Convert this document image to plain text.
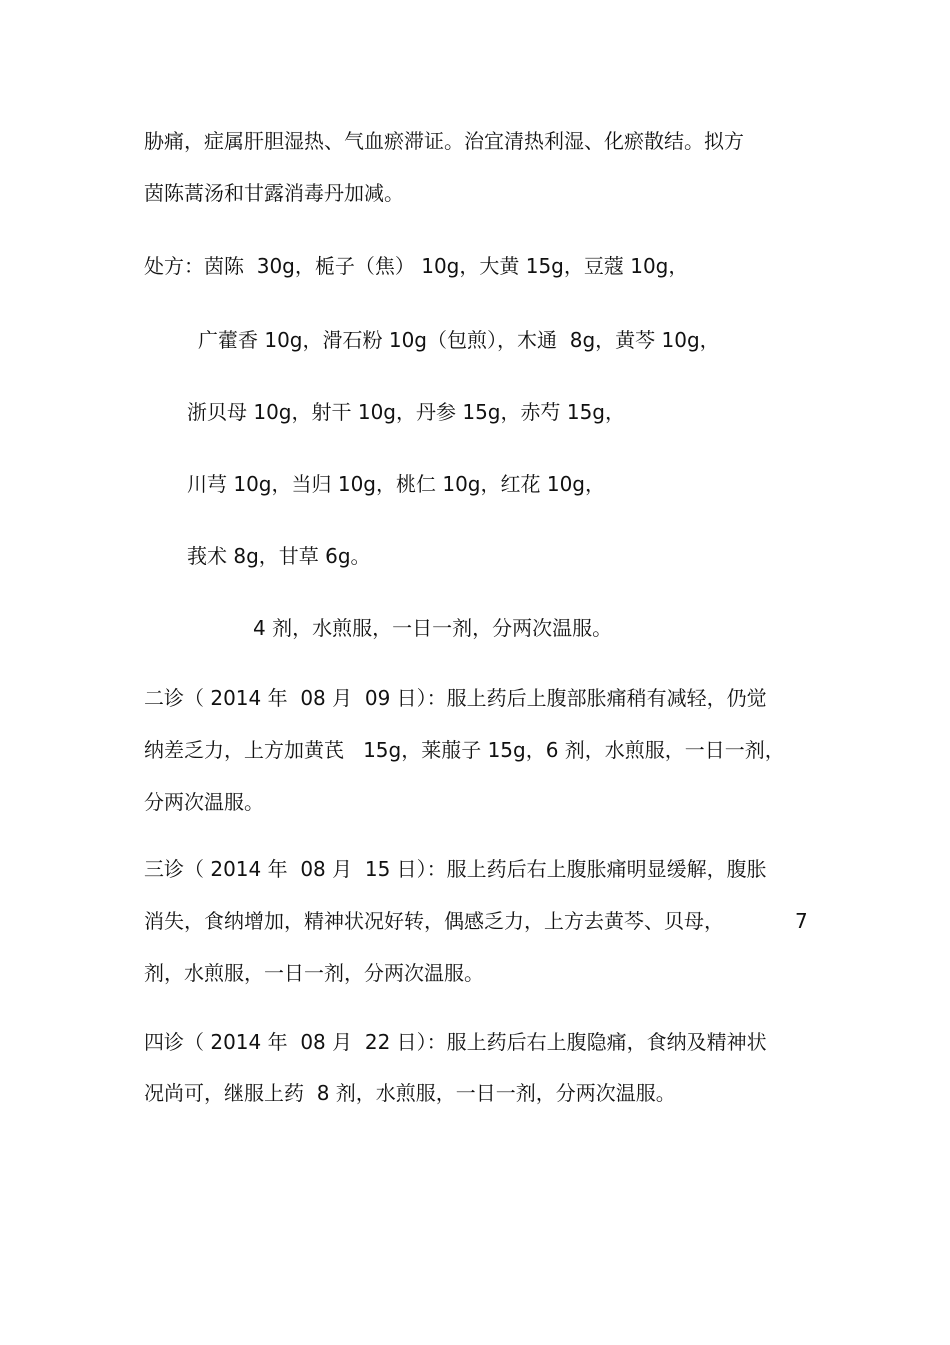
胁痛，症属肝胆湿热、气血瘀滞证。治宜清热利湿、化瘀散结。拟方
茵陈蒿汤和甘露消毒丹加减。
处方：茵陈  30g，栀子（焦） 10g，大黄 15g，豆蔻 10g，
广藿香 10g，滑石粉 10g（包煎），木通  8g，黄芩 10g，
浙贝母 10g，射干 10g，丹参 15g，赤芍 15g，
川芎 10g，当归 10g，桃仁 10g，红花 10g，
莪术 8g，甘草 6g。
4 剂，水煎服，一日一剂，分两次温服。
二诊（ 2014 年  08 月  09 日）：服上药后上腹部胀痛稍有减轻，仍觉
纳差乏力，上方加黄芪   15g，莱菔子 15g，6 剂，水煎服，一日一剂，
分两次温服。
三诊（ 2014 年  08 月  15 日）：服上药后右上腹胀痛明显缓解，腹胀
消失，食纳增加，精神状况好转，偶感乏力，上方去黄芩、贝母，	7
剂，水煎服，一日一剂，分两次温服。
四诊（ 2014 年  08 月  22 日）：服上药后右上腹隐痛，食纳及精神状
况尚可，继服上药  8 剂，水煎服，一日一剂，分两次温服。
